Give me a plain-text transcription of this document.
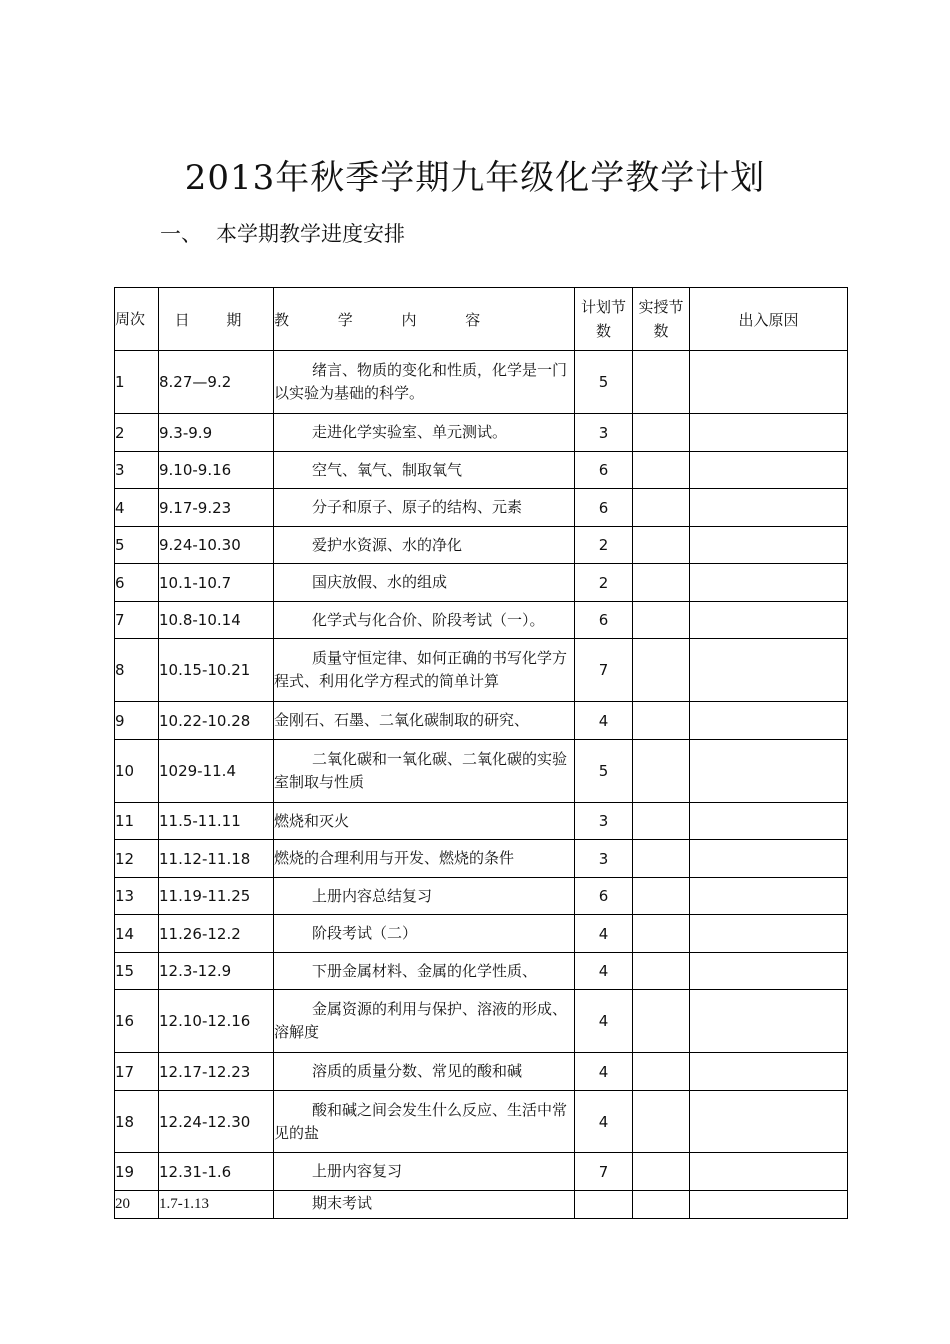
2013年秋季学期九年级化学教学计划
一、 本学期教学进度安排
周次	日 期	教 学 内 容	计划节数	实授节数	出入原因
1	8.27—9.2	绪言、物质的变化和性质，化学是一门以实验为基础的科学。	5		
2	9.3-9.9	走进化学实验室、单元测试。	3		
3	9.10-9.16	空气、氧气、制取氧气	6		
4	9.17-9.23	分子和原子、原子的结构、元素	6		
5	9.24-10.30	爱护水资源、水的净化	2		
6	10.1-10.7	国庆放假、水的组成	2		
7	10.8-10.14	化学式与化合价、阶段考试（一）。	6		
8	10.15-10.21	质量守恒定律、如何正确的书写化学方程式、利用化学方程式的简单计算	7		
9	10.22-10.28	金刚石、石墨、二氧化碳制取的研究、	4		
10	1029-11.4	二氧化碳和一氧化碳、二氧化碳的实验室制取与性质	5		
11	11.5-11.11	燃烧和灭火	3		
12	11.12-11.18	燃烧的合理利用与开发、燃烧的条件	3		
13	11.19-11.25	上册内容总结复习	6		
14	11.26-12.2	阶段考试（二）	4		
15	12.3-12.9	下册金属材料、金属的化学性质、	4		
16	12.10-12.16	金属资源的利用与保护、溶液的形成、溶解度	4		
17	12.17-12.23	溶质的质量分数、常见的酸和碱	4		
18	12.24-12.30	酸和碱之间会发生什么反应、生活中常见的盐	4		
19	12.31-1.6	上册内容复习	7		
20	1.7-1.13	期末考试			
